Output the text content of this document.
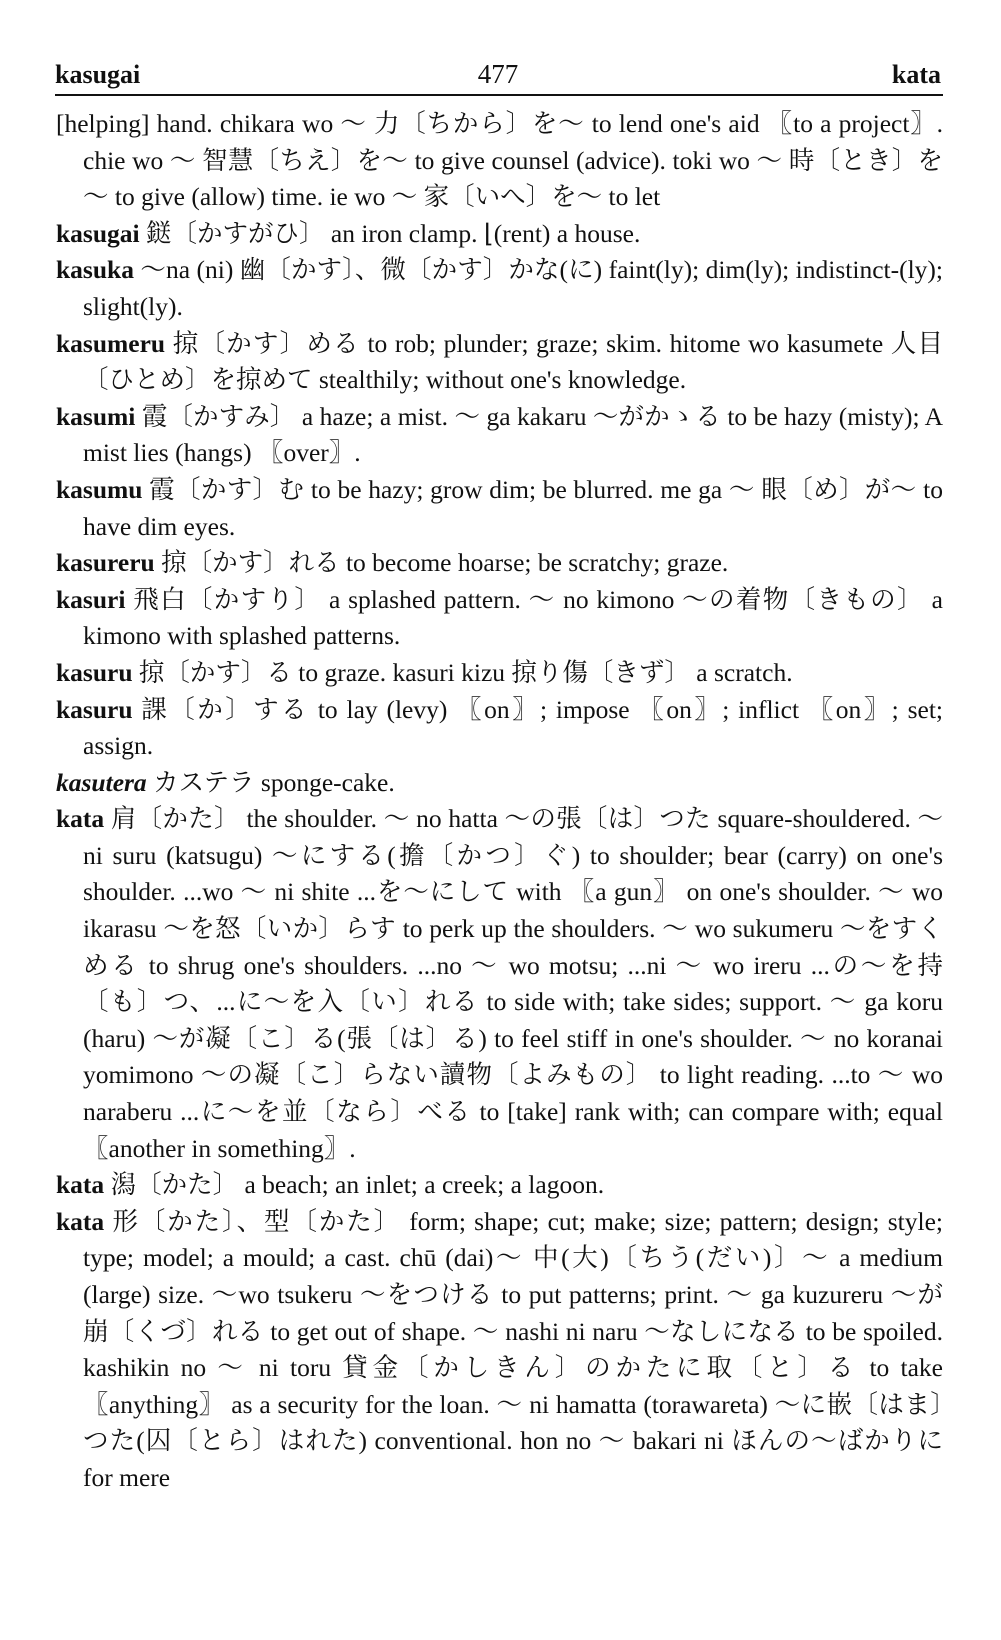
kasugai	477	kata

[helping] hand. chikara wo ～ 力〔ちから〕を～ to lend one's aid 〖to a project〗. chie wo ～ 智慧〔ちえ〕を～ to give counsel (advice). toki wo ～ 時〔とき〕を～ to give (allow) time. ie wo ～ 家〔いへ〕を～ to let

kasugai 鎹〔かすがひ〕 an iron clamp. ⌊(rent) a house.

kasuka ～na (ni) 幽〔かす〕、微〔かす〕かな(に) faint(ly); dim(ly); indistinct-(ly); slight(ly).

kasumeru 掠〔かす〕める to rob; plunder; graze; skim. hitome wo kasumete 人目〔ひとめ〕を掠めて stealthily; without one's knowledge.

kasumi 霞〔かすみ〕 a haze; a mist. ～ ga kakaru ～がかゝる to be hazy (misty); A mist lies (hangs) 〖over〗.

kasumu 霞〔かす〕む to be hazy; grow dim; be blurred. me ga ～ 眼〔め〕が～ to have dim eyes.

kasureru 掠〔かす〕れる to become hoarse; be scratchy; graze.

kasuri 飛白〔かすり〕 a splashed pattern. ～ no kimono ～の着物〔きもの〕 a kimono with splashed patterns.

kasuru 掠〔かす〕る to graze. kasuri kizu 掠り傷〔きず〕 a scratch.

kasuru 課〔か〕する to lay (levy) 〖on〗; impose 〖on〗; inflict 〖on〗; set; assign.

kasutera カステラ sponge-cake.

kata 肩〔かた〕 the shoulder. ～ no hatta ～の張〔は〕つた square-shouldered. ～ ni suru (katsugu) ～にする(擔〔かつ〕ぐ) to shoulder; bear (carry) on one's shoulder. ...wo ～ ni shite ...を～にして with 〖a gun〗 on one's shoulder. ～ wo ikarasu ～を怒〔いか〕らす to perk up the shoulders. ～ wo sukumeru ～をすくめる to shrug one's shoulders. ...no ～ wo motsu; ...ni ～ wo ireru ...の～を持〔も〕つ、...に～を入〔い〕れる to side with; take sides; support. ～ ga koru (haru) ～が凝〔こ〕る(張〔は〕る) to feel stiff in one's shoulder. ～ no koranai yomimono ～の凝〔こ〕らない讀物〔よみもの〕 to light reading. ...to ～ wo naraberu ...に～を並〔なら〕べる to [take] rank with; can compare with; equal 〖another in something〗.

kata 潟〔かた〕 a beach; an inlet; a creek; a lagoon.

kata 形〔かた〕、型〔かた〕 form; shape; cut; make; size; pattern; design; style; type; model; a mould; a cast. chū (dai)～ 中(大)〔ちう(だい)〕～ a medium (large) size. ～wo tsukeru ～をつける to put patterns; print. ～ ga kuzureru ～が崩〔くづ〕れる to get out of shape. ～ nashi ni naru ～なしになる to be spoiled. kashikin no ～ ni toru 貸金〔かしきん〕のかたに取〔と〕る to take 〖anything〗 as a security for the loan. ～ ni hamatta (torawareta) ～に嵌〔はま〕つた(囚〔とら〕はれた) conventional. hon no ～ bakari ni ほんの～ばかりに for mere
